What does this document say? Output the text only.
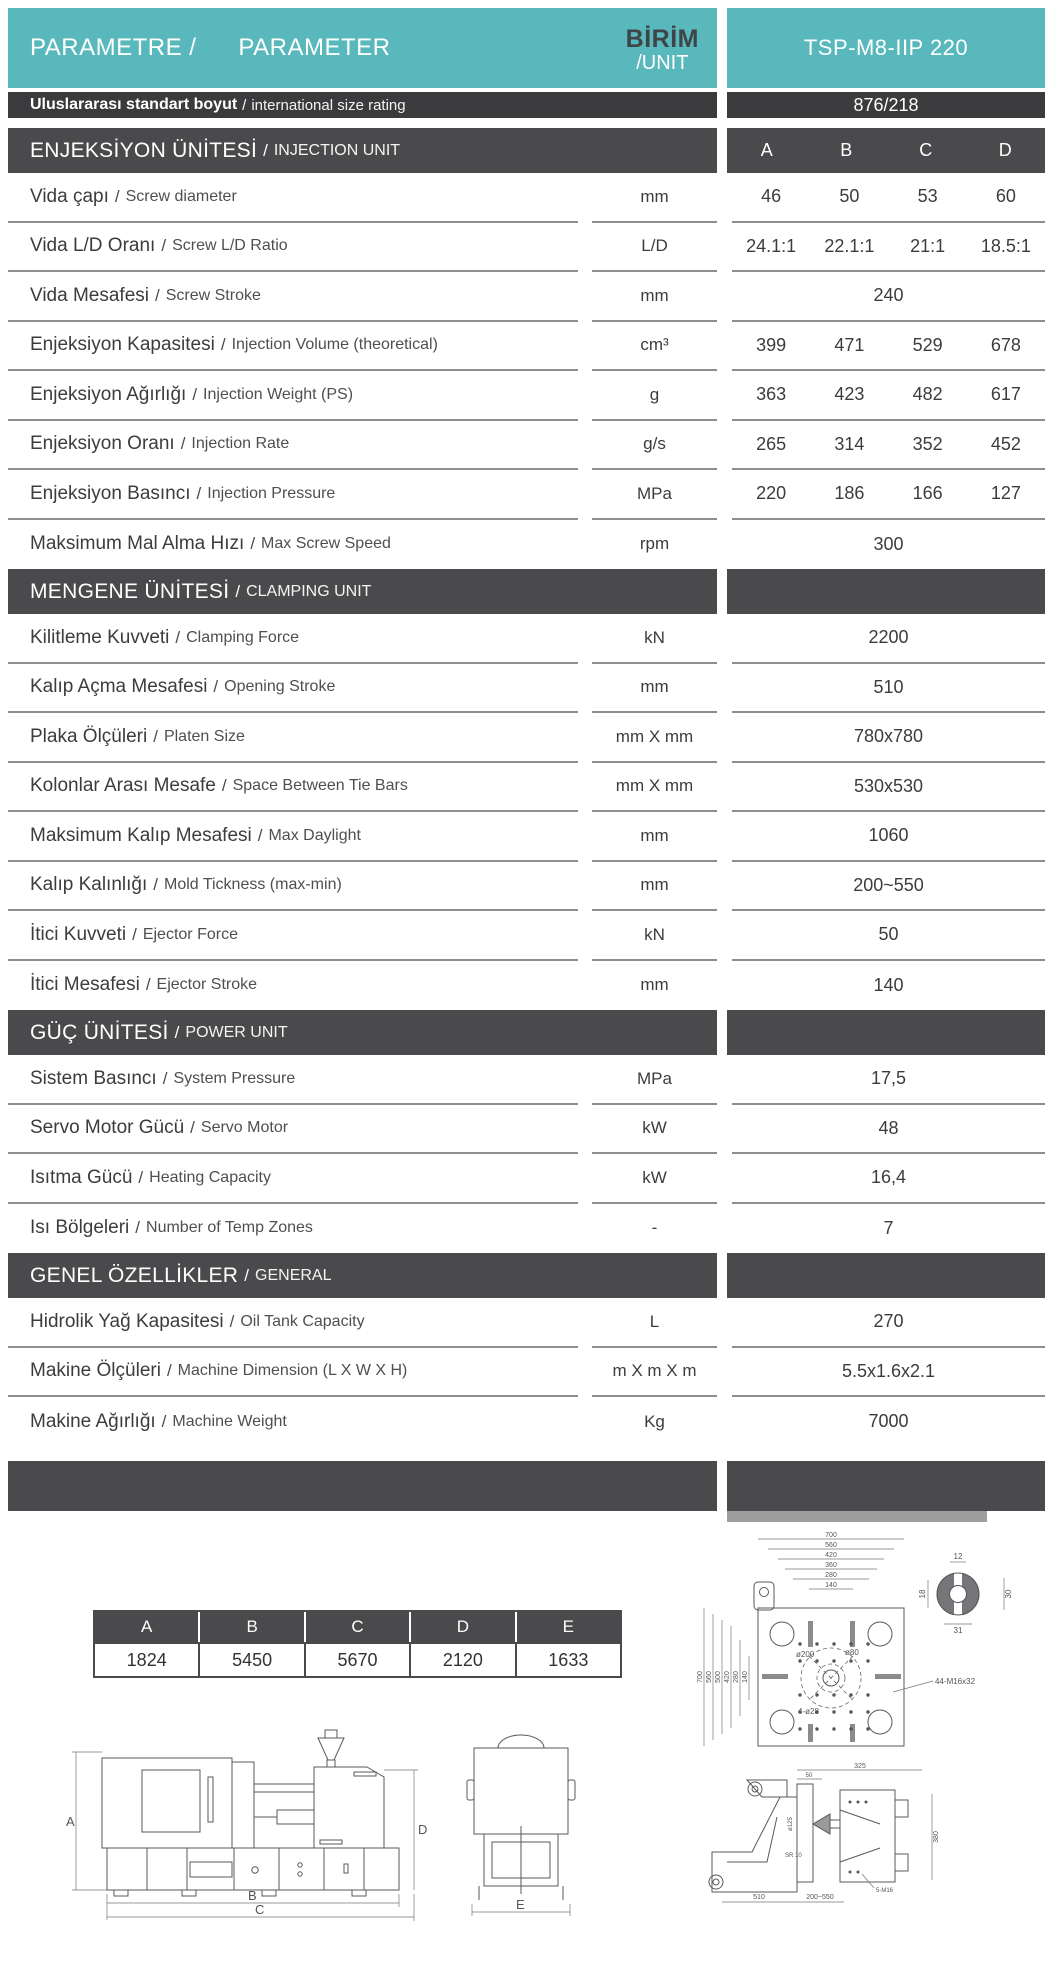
PARAMETRE / PARAMETER	BİRİM
/UNIT
TSP-M8-IIP 220
Uluslararası standart boyut / international size rating	876/218
ENJEKSİYON ÜNİTESİ / INJECTION UNIT	A	B	C	D
Vida çapı / Screw diameter	mm	46	50	53	60
Vida L/D Oranı / Screw L/D Ratio	L/D	24.1:1	22.1:1	21:1	18.5:1
Vida Mesafesi / Screw Stroke	mm	240
Enjeksiyon Kapasitesi / Injection Volume (theoretical)	cm³	399	471	529	678
Enjeksiyon Ağırlığı / Injection Weight (PS)	g	363	423	482	617
Enjeksiyon Oranı / Injection Rate	g/s	265	314	352	452
Enjeksiyon Basıncı / Injection Pressure	MPa	220	186	166	127
Maksimum Mal Alma Hızı / Max Screw Speed	rpm	300
MENGENE ÜNİTESİ / CLAMPING UNIT
Kilitleme Kuvveti / Clamping Force	kN	2200
Kalıp Açma Mesafesi / Opening Stroke	mm	510
Plaka Ölçüleri / Platen Size	mm X mm	780x780
Kolonlar Arası Mesafe / Space Between Tie Bars	mm X mm	530x530
Maksimum Kalıp Mesafesi / Max Daylight	mm	1060
Kalıp Kalınlığı / Mold Tickness (max-min)	mm	200~550
İtici Kuvveti / Ejector Force	kN	50
İtici Mesafesi / Ejector Stroke	mm	140
GÜÇ ÜNİTESİ / POWER UNIT
Sistem Basıncı / System Pressure	MPa	17,5
Servo Motor Gücü / Servo Motor	kW	48
Isıtma Gücü / Heating Capacity	kW	16,4
Isı Bölgeleri / Number of Temp Zones	-	7
GENEL ÖZELLİKLER / GENERAL
Hidrolik Yağ Kapasitesi / Oil Tank Capacity	L	270
Makine Ölçüleri / Machine Dimension (L X W X H)	m X m X m	5.5x1.6x2.1
Makine Ağırlığı / Machine Weight	Kg	7000
A	B	C	D	E
1824	5450	5670	2120	1633
A
D
B
C	E
700
560
420
360
280
140
700 560 500 420 280 140
ø200	ø80
4-ø28
44-M16x32
12
18	30
31
325
50
380
510	200~550
SR 10
ø125
5-M16
